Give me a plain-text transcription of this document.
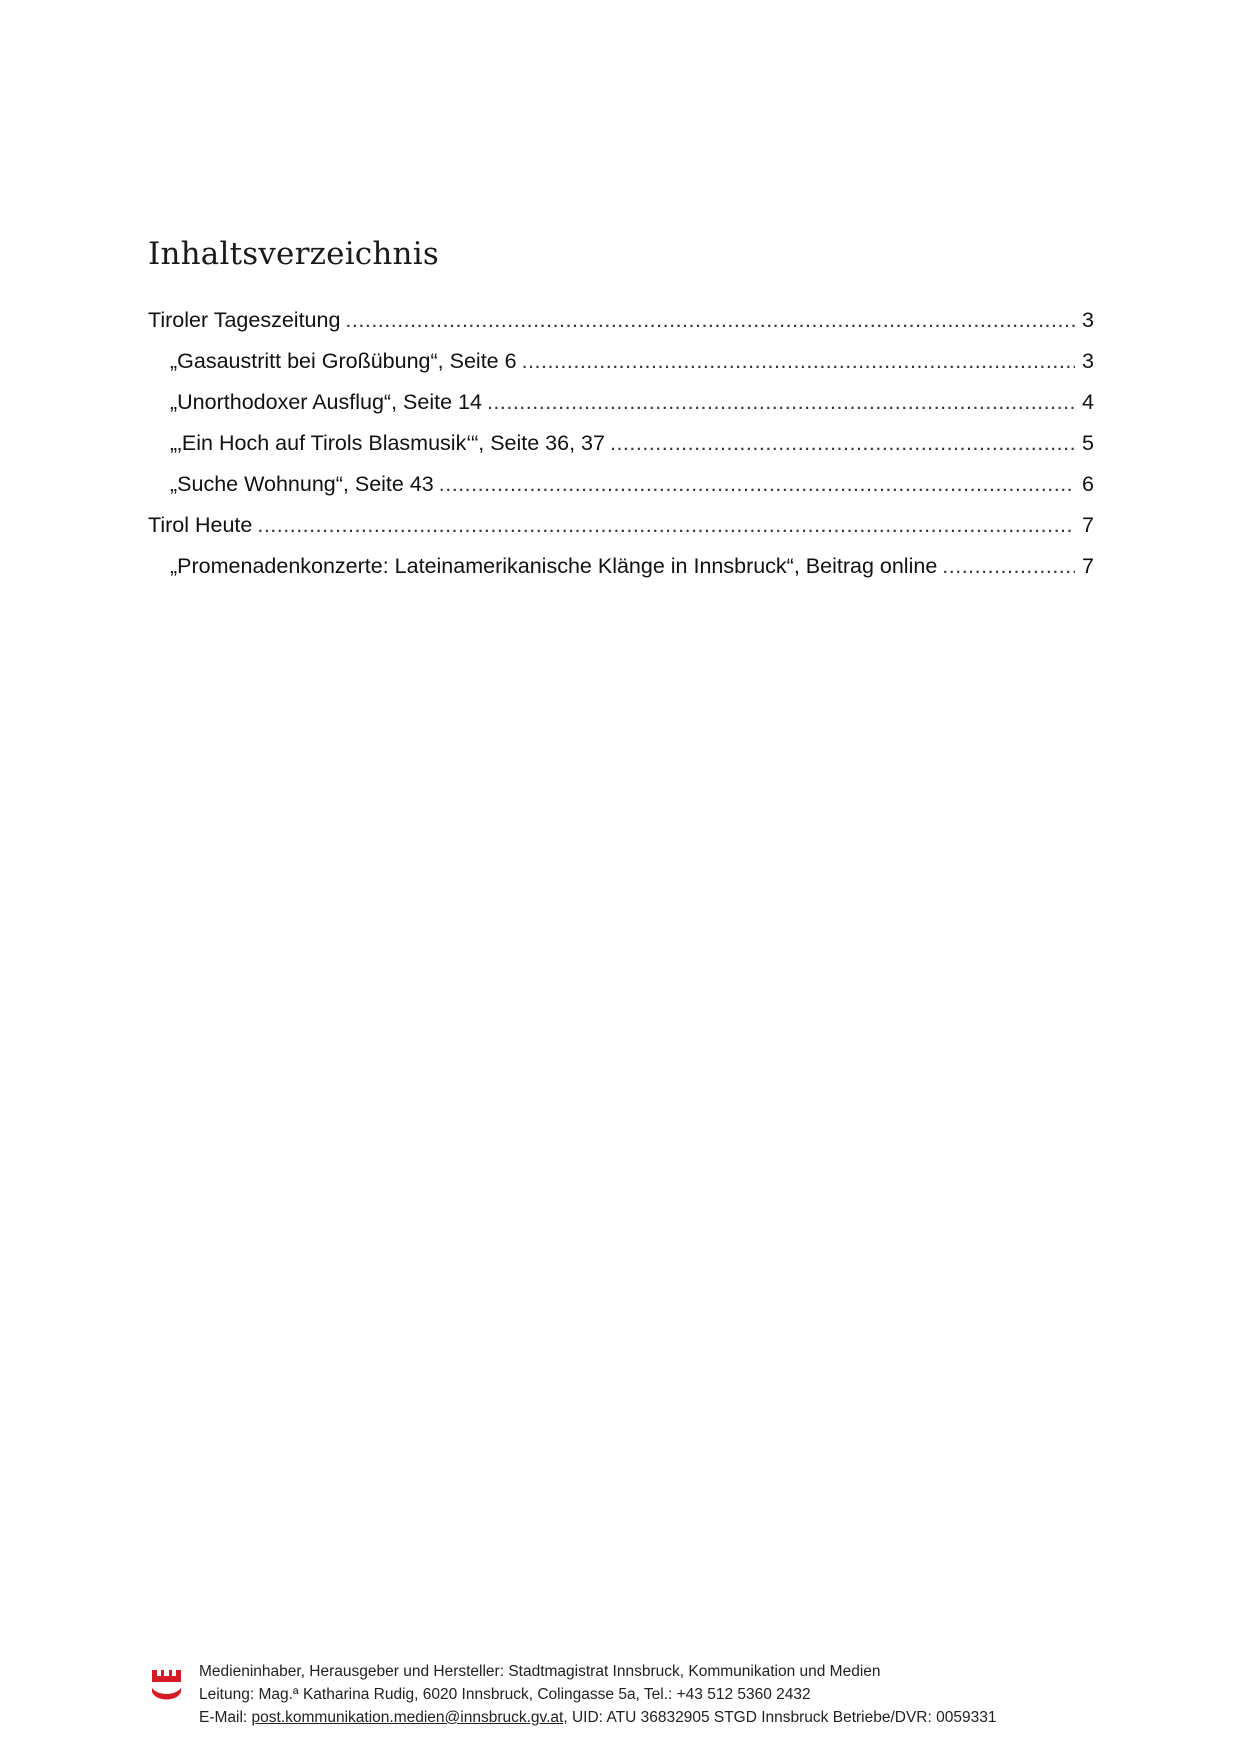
Inhaltsverzeichnis
Tiroler Tageszeitung .....	3
„Gasaustritt bei Großübung“, Seite 6 .....	3
„Unorthodoxer Ausflug“, Seite 14 .....	4
„‚Ein Hoch auf Tirols Blasmusik‘“, Seite 36, 37 .....	5
„Suche Wohnung“, Seite 43 .....	6
Tirol Heute .....	7
„Promenadenkonzerte: Lateinamerikanische Klänge in Innsbruck“, Beitrag online .....	7
Medieninhaber, Herausgeber und Hersteller: Stadtmagistrat Innsbruck, Kommunikation und Medien
Leitung: Mag.ª Katharina Rudig, 6020 Innsbruck, Colingasse 5a, Tel.: +43 512 5360 2432
E-Mail: post.kommunikation.medien@innsbruck.gv.at, UID: ATU 36832905 STGD Innsbruck Betriebe/DVR: 0059331
